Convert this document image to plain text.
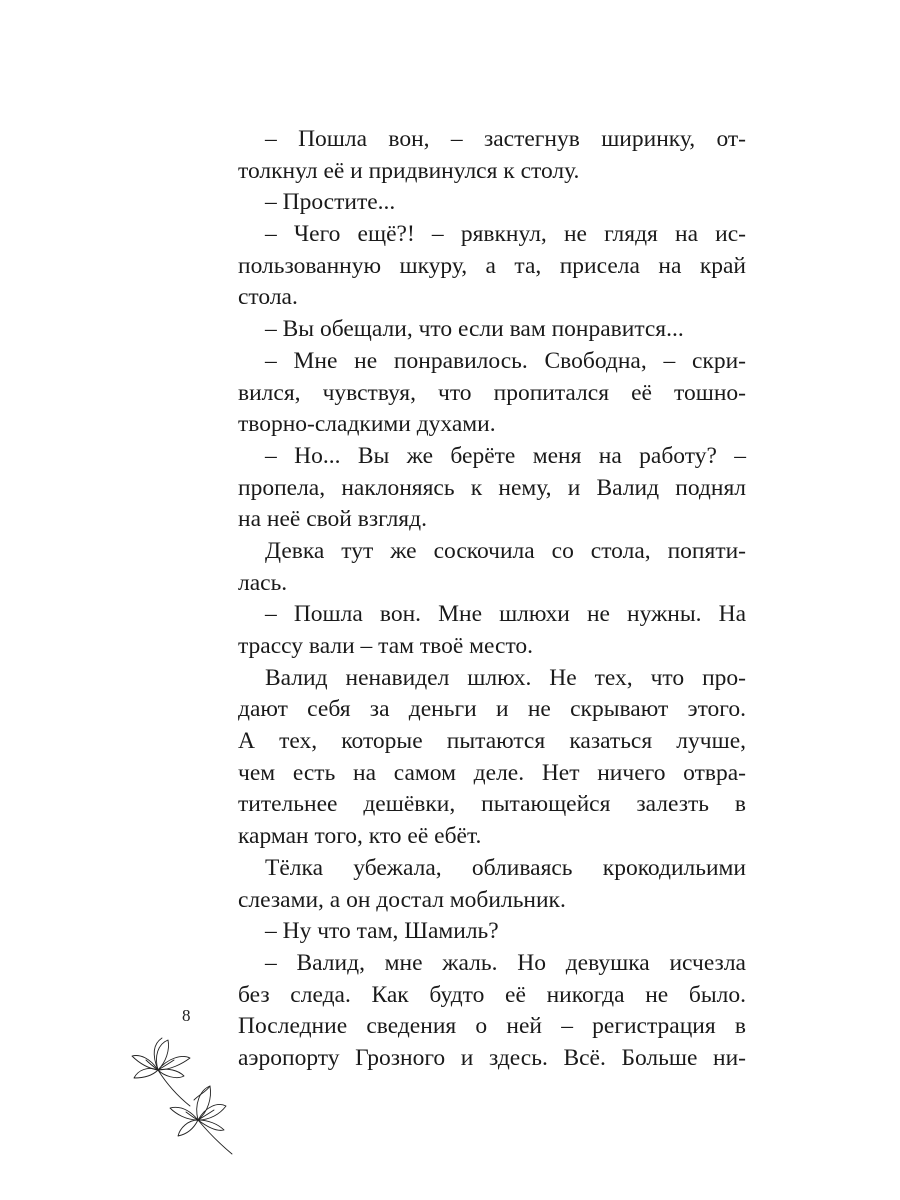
– Пошла вон, – застегнув ширинку, от-
толкнул её и придвинулся к столу.
– Простите...
– Чего ещё?! – рявкнул, не глядя на ис-
пользованную шкуру, а та, присела на край
стола.
– Вы обещали, что если вам понравится...
– Мне не понравилось. Свободна, – скри-
вился, чувствуя, что пропитался её тошно-
творно-сладкими духами.
– Но... Вы же берёте меня на работу? –
пропела, наклоняясь к нему, и Валид поднял
на неё свой взгляд.
Девка тут же соскочила со стола, попяти-
лась.
– Пошла вон. Мне шлюхи не нужны. На
трассу вали – там твоё место.
Валид ненавидел шлюх. Не тех, что про-
дают себя за деньги и не скрывают этого.
А тех, которые пытаются казаться лучше,
чем есть на самом деле. Нет ничего отвра-
тительнее дешёвки, пытающейся залезть в
карман того, кто её ебёт.
Тёлка убежала, обливаясь крокодильими
слезами, а он достал мобильник.
– Ну что там, Шамиль?
– Валид, мне жаль. Но девушка исчезла
без следа. Как будто её никогда не было.
Последние сведения о ней – регистрация в
аэропорту Грозного и здесь. Всё. Больше ни-
8
